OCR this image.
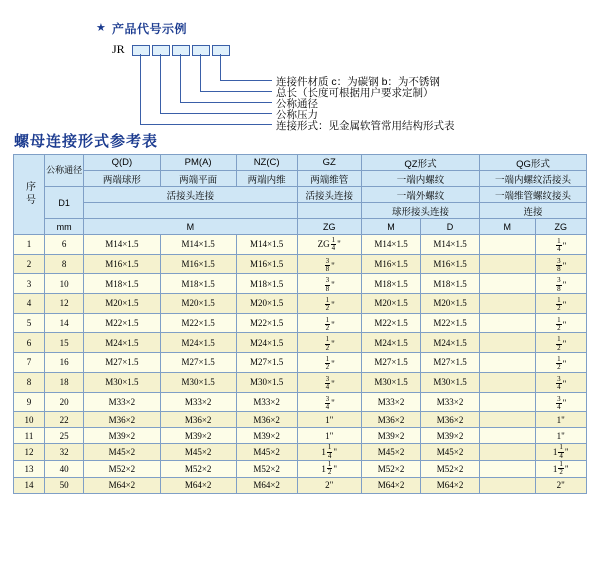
★ 产品代号示例
JR
连接件材质 c：为碳钢 b：为不锈钢
总长（长度可根据用户要求定制）
公称通径
公称压力
连接形式：见金属软管常用结构形式表
螺母连接形式参考表
序号	公称通径	Q(D)	PM(A)	NZ(C)	GZ	QZ形式		QG形式	
		两端球形	两端平面	两端内维	两端维管	一端内螺纹		一端内螺纹活接头	
	D1	活接头连接			活接头连接	一端外螺纹		一端维管螺纹接头	
						球形接头连接		连接	
	mm	M			ZG	M	D	M	ZG
1	6	M14×1.5	M14×1.5	M14×1.5	ZG $\frac{1}{4}$ "	M14×1.5	M14×1.5		$\frac{1}{4}$ "

2	8	M16×1.5	M16×1.5	M16×1.5	$\frac{3}{8}$ "	M16×1.5	M16×1.5		$\frac{3}{8}$ "

3	10	M18×1.5	M18×1.5	M18×1.5	$\frac{3}{8}$ "	M18×1.5	M18×1.5		$\frac{3}{8}$ "

4	12	M20×1.5	M20×1.5	M20×1.5	$\frac{1}{2}$ "	M20×1.5	M20×1.5		$\frac{1}{2}$ "

5	14	M22×1.5	M22×1.5	M22×1.5	$\frac{1}{2}$ "	M22×1.5	M22×1.5		$\frac{1}{2}$ "

6	15	M24×1.5	M24×1.5	M24×1.5	$\frac{1}{2}$ "	M24×1.5	M24×1.5		$\frac{1}{2}$ "

7	16	M27×1.5	M27×1.5	M27×1.5	$\frac{1}{2}$ "	M27×1.5	M27×1.5		$\frac{1}{2}$ "

8	18	M30×1.5	M30×1.5	M30×1.5	$\frac{3}{4}$ "	M30×1.5	M30×1.5		$\frac{3}{4}$ "

9	20	M33×2	M33×2	M33×2	$\frac{3}{4}$ "	M33×2	M33×2		$\frac{3}{4}$ "

10	22	M36×2	M36×2	M36×2	1 "	M36×2	M36×2		1 "

11	25	M39×2	M39×2	M39×2	1 "	M39×2	M39×2		1 "

12	32	M45×2	M45×2	M45×2	$1 \frac{1}{4}$ "	M45×2	M45×2		$1 \frac{1}{4}$ "

13	40	M52×2	M52×2	M52×2	$1 \frac{1}{2}$ "	M52×2	M52×2		$1 \frac{1}{2}$ "

14	50	M64×2	M64×2	M64×2	2 "	M64×2	M64×2		2 "
